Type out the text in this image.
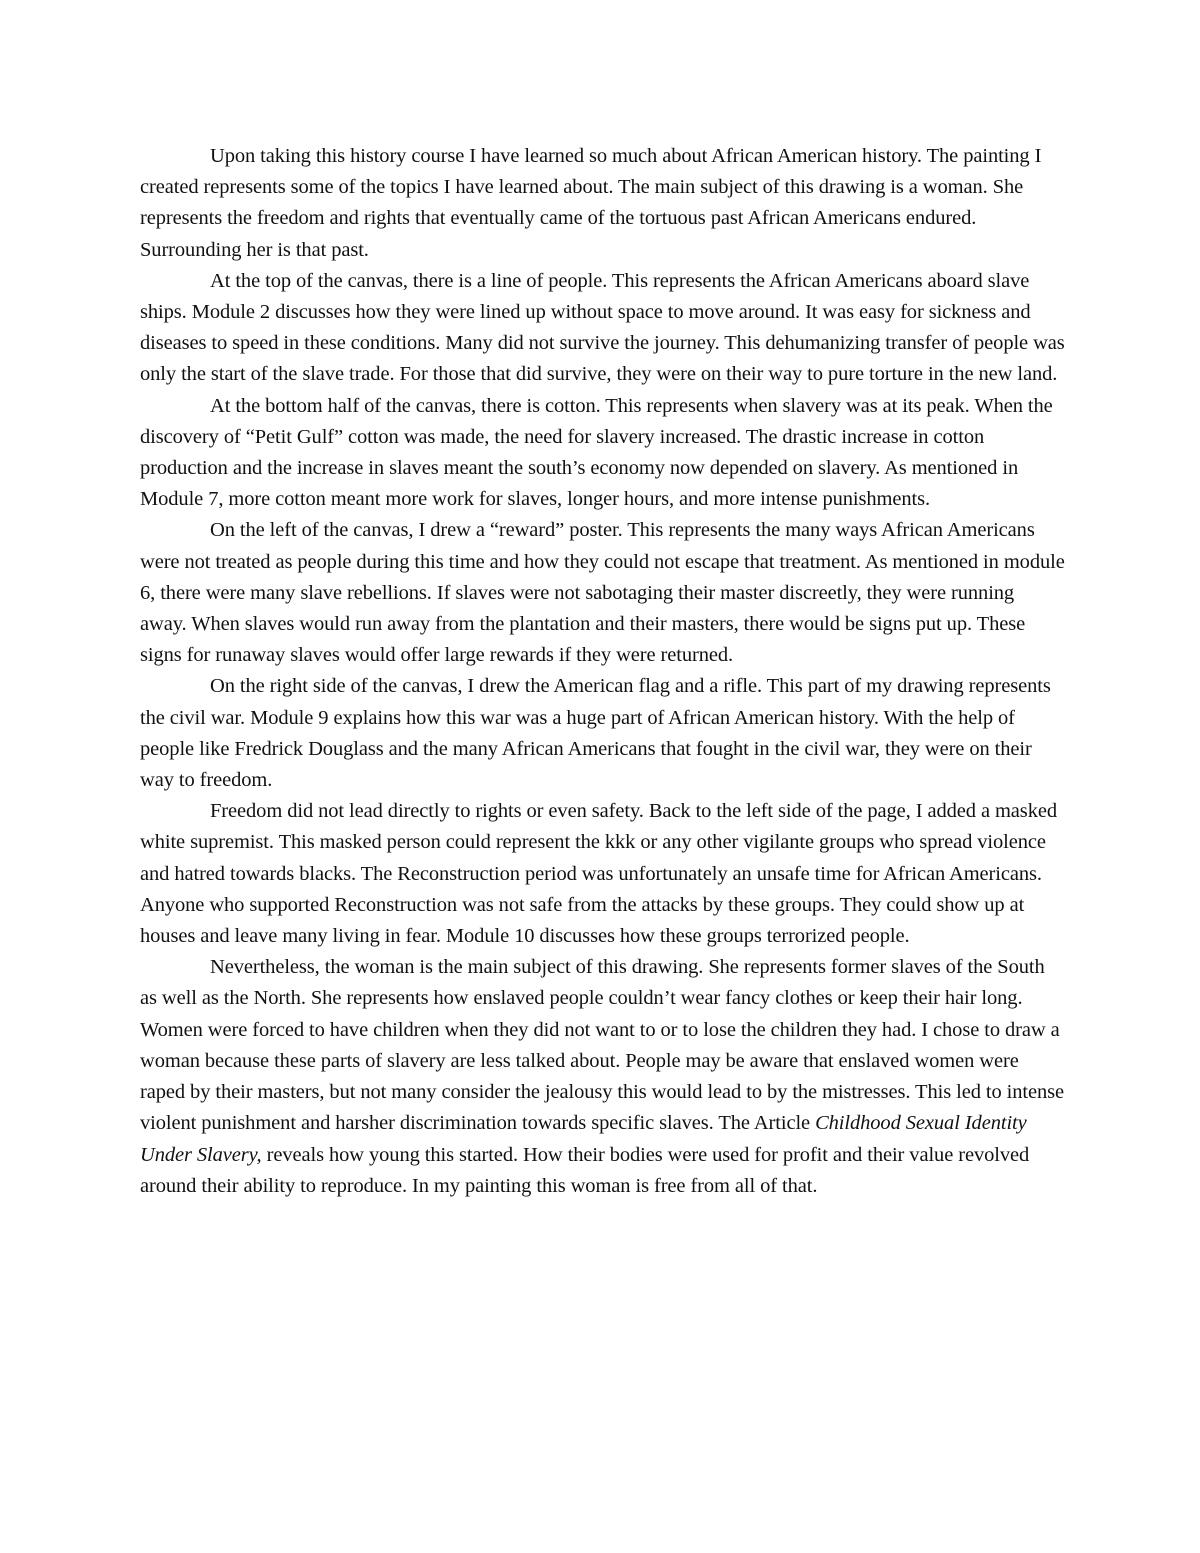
Upon taking this history course I have learned so much about African American history. The painting I created represents some of the topics I have learned about. The main subject of this drawing is a woman. She represents the freedom and rights that eventually came of the tortuous past African Americans endured. Surrounding her is that past.

At the top of the canvas, there is a line of people. This represents the African Americans aboard slave ships. Module 2 discusses how they were lined up without space to move around. It was easy for sickness and diseases to speed in these conditions. Many did not survive the journey. This dehumanizing transfer of people was only the start of the slave trade. For those that did survive, they were on their way to pure torture in the new land.

At the bottom half of the canvas, there is cotton. This represents when slavery was at its peak. When the discovery of “Petit Gulf” cotton was made, the need for slavery increased. The drastic increase in cotton production and the increase in slaves meant the south’s economy now depended on slavery. As mentioned in Module 7, more cotton meant more work for slaves, longer hours, and more intense punishments.

On the left of the canvas, I drew a “reward” poster. This represents the many ways African Americans were not treated as people during this time and how they could not escape that treatment. As mentioned in module 6, there were many slave rebellions. If slaves were not sabotaging their master discreetly, they were running away. When slaves would run away from the plantation and their masters, there would be signs put up. These signs for runaway slaves would offer large rewards if they were returned.

On the right side of the canvas, I drew the American flag and a rifle. This part of my drawing represents the civil war. Module 9 explains how this war was a huge part of African American history. With the help of people like Fredrick Douglass and the many African Americans that fought in the civil war, they were on their way to freedom.

Freedom did not lead directly to rights or even safety. Back to the left side of the page, I added a masked white supremist. This masked person could represent the kkk or any other vigilante groups who spread violence and hatred towards blacks. The Reconstruction period was unfortunately an unsafe time for African Americans. Anyone who supported Reconstruction was not safe from the attacks by these groups. They could show up at houses and leave many living in fear. Module 10 discusses how these groups terrorized people.

Nevertheless, the woman is the main subject of this drawing. She represents former slaves of the South as well as the North. She represents how enslaved people couldn’t wear fancy clothes or keep their hair long. Women were forced to have children when they did not want to or to lose the children they had. I chose to draw a woman because these parts of slavery are less talked about. People may be aware that enslaved women were raped by their masters, but not many consider the jealousy this would lead to by the mistresses. This led to intense violent punishment and harsher discrimination towards specific slaves. The Article Childhood Sexual Identity Under Slavery, reveals how young this started. How their bodies were used for profit and their value revolved around their ability to reproduce. In my painting this woman is free from all of that.
